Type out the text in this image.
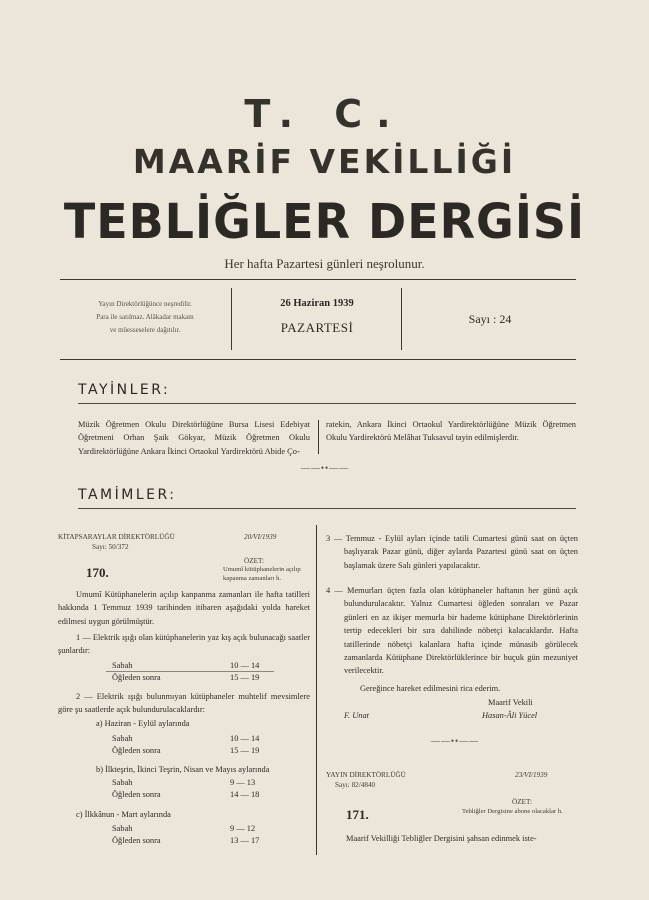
T. C.
MAARİF VEKİLLİĞİ
TEBLİĞLER DERGİSİ
Her hafta Pazartesi günleri neşrolunur.
Yayın Direktörlüğünce neşredilir.
Para ile satılmaz. Alâkadar makam
ve müesseselere dağıtılır.
26 Haziran 1939
PAZARTESİ
Sayı : 24
TAYİNLER:
Müzik Öğretmen Okulu Direktörlüğüne Bursa Lisesi Edebiyat Öğretmeni Orhan Şaik Gökyar, Müzik Öğretmen Okulu Yardirektörlüğüne Ankara İkinci Ortaokul Yardirektörü Abide Ço-
ratekin, Ankara İkinci Ortaokul Yardirektörlüğüne Müzik Öğretmen Okulu Yardirektörü Melâhat Tuksavul tayin edilmişlerdir.
——••——
TAMİMLER:
KİTAPSARAYLAR DİREKTÖRLÜĞÜ
Sayı: 50/372
20/VI/1939
170.
ÖZET:
Umumî kütüphanelerin açılıp kapanma zamanları h.
Umumî Kütüphanelerin açılıp kanpanma zamanları ile hafta tatilleri hakkında 1 Temmuz 1939 tarihinden itibaren aşağıdaki yolda hareket edilmesi uygun görülmüştür.
1 — Elektrik ışığı olan kütüphanelerin yaz kış açık bulunacağı saatler şunlardır:
Sabah	10 — 14
Öğleden sonra	15 — 19
2 — Elektrik ışığı bulunmıyan kütüphaneler muhtelif mevsimlere göre şu saatlerde açık bulundurulacaklardır:
a) Haziran - Eylül aylarında
Sabah	10 — 14
Öğleden sonra	15 — 19
b) İlkteşrin, İkinci Teşrin, Nisan ve Mayıs aylarında
Sabah	9 — 13
Öğleden sonra	14 — 18
c) İlkkânun - Mart aylarında
Sabah	9 — 12
Öğleden sonra	13 — 17
3 — Temmuz - Eylül ayları içinde tatili Cumartesi günü saat on üçten başlıyarak Pazar günü, diğer aylarda Pazartesi günü saat on üçten başlamak üzere Salı günleri yapılacaktır.
4 — Memurları üçten fazla olan kütüphaneler haftanın her günü açık bulundurulacaktır. Yalnız Cumartesi öğleden sonraları ve Pazar günleri en az ikişer memurla bir hademe kütüphane Direktörlerinin tertip edecekleri bir sıra dahilinde nöbetçi kalacaklardır. Hafta tatillerinde nöbetçi kalanlara hafta içinde münasib görülecek zamanlarda Kütüphane Direktörlüklerince bir buçuk gün mezuniyet verilecektir.
Gereğince hareket edilmesini rica ederim.
Maarif Vekili
F. Unat	Hasan-Âli Yücel
——••——
YAYIN DİREKTÖRLÜĞÜ
Sayı: 82/4840
23/VI/1939
ÖZET:
171.	Tebliğler Dergisine abone olacaklar h.
Maarif Vekilliği Tebliğler Dergisini şahsan edinmek iste-
